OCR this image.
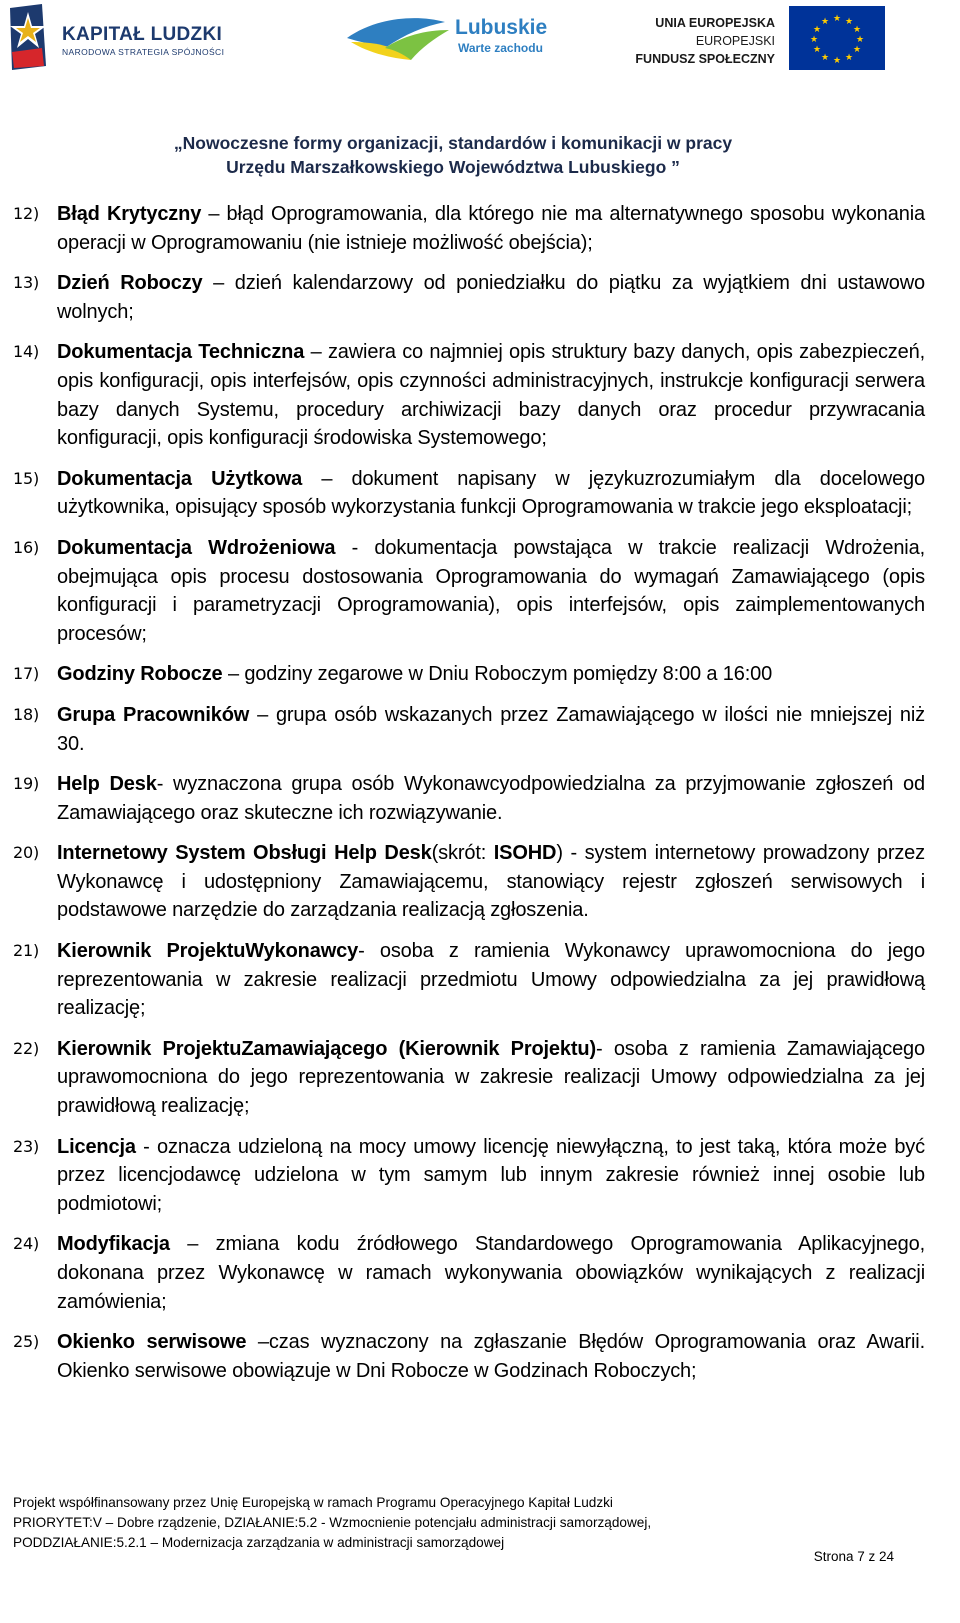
KAPITAŁ LUDZKI
NARODOWA STRATEGIA SPÓJNOŚCI
Lubuskie
Warte zachodu
UNIA EUROPEJSKA
EUROPEJSKI
FUNDUSZ SPOŁECZNY
★ ★
★
★
★
★
★
★
★
★
★
★
„Nowoczesne formy organizacji, standardów i komunikacji w pracy
Urzędu Marszałkowskiego Województwa Lubuskiego ”
12) Błąd Krytyczny – błąd Oprogramowania, dla którego nie ma alternatywnego sposobu wykonania operacji w Oprogramowaniu (nie istnieje możliwość obejścia);
13) Dzień Roboczy – dzień kalendarzowy od poniedziałku do piątku za wyjątkiem dni ustawowo wolnych;
14) Dokumentacja Techniczna – zawiera co najmniej opis struktury bazy danych, opis zabezpieczeń, opis konfiguracji, opis interfejsów, opis czynności administracyjnych, instrukcje konfiguracji serwera bazy danych Systemu, procedury archiwizacji bazy danych oraz procedur przywracania konfiguracji, opis konfiguracji środowiska Systemowego;
15) Dokumentacja Użytkowa – dokument napisany w językuzrozumiałym dla docelowego użytkownika, opisujący sposób wykorzystania funkcji Oprogramowania w trakcie jego eksploatacji;
16) Dokumentacja Wdrożeniowa - dokumentacja powstająca w trakcie realizacji Wdrożenia, obejmująca opis procesu dostosowania Oprogramowania do wymagań Zamawiającego (opis konfiguracji i parametryzacji Oprogramowania), opis interfejsów, opis zaimplementowanych procesów;
17) Godziny Robocze – godziny zegarowe w Dniu Roboczym pomiędzy 8:00 a 16:00
18) Grupa Pracowników – grupa osób wskazanych przez Zamawiającego w ilości nie mniejszej niż 30.
19) Help Desk- wyznaczona grupa osób Wykonawcyodpowiedzialna za przyjmowanie zgłoszeń od Zamawiającego oraz skuteczne ich rozwiązywanie.
20) Internetowy System Obsługi Help Desk(skrót: ISOHD) - system internetowy prowadzony przez Wykonawcę i udostępniony Zamawiającemu, stanowiący rejestr zgłoszeń serwisowych i podstawowe narzędzie do zarządzania realizacją zgłoszenia.
21) Kierownik ProjektuWykonawcy- osoba z ramienia Wykonawcy uprawomocniona do jego reprezentowania w zakresie realizacji przedmiotu Umowy odpowiedzialna za jej prawidłową realizację;
22) Kierownik ProjektuZamawiającego (Kierownik Projektu)- osoba z ramienia Zamawiającego uprawomocniona do jego reprezentowania w zakresie realizacji Umowy odpowiedzialna za jej prawidłową realizację;
23) Licencja - oznacza udzieloną na mocy umowy licencję niewyłączną, to jest taką, która może być przez licencjodawcę udzielona w tym samym lub innym zakresie również innej osobie lub podmiotowi;
24) Modyfikacja – zmiana kodu źródłowego Standardowego Oprogramowania Aplikacyjnego, dokonana przez Wykonawcę w ramach wykonywania obowiązków wynikających z realizacji zamówienia;
25) Okienko serwisowe –czas wyznaczony na zgłaszanie Błędów Oprogramowania oraz Awarii. Okienko serwisowe obowiązuje w Dni Robocze w Godzinach Roboczych;
Projekt współfinansowany przez Unię Europejską w ramach Programu Operacyjnego Kapitał Ludzki
PRIORYTET:V – Dobre rządzenie, DZIAŁANIE:5.2 - Wzmocnienie potencjału administracji samorządowej,
PODDZIAŁANIE:5.2.1 – Modernizacja zarządzania w administracji samorządowej
Strona 7 z 24
